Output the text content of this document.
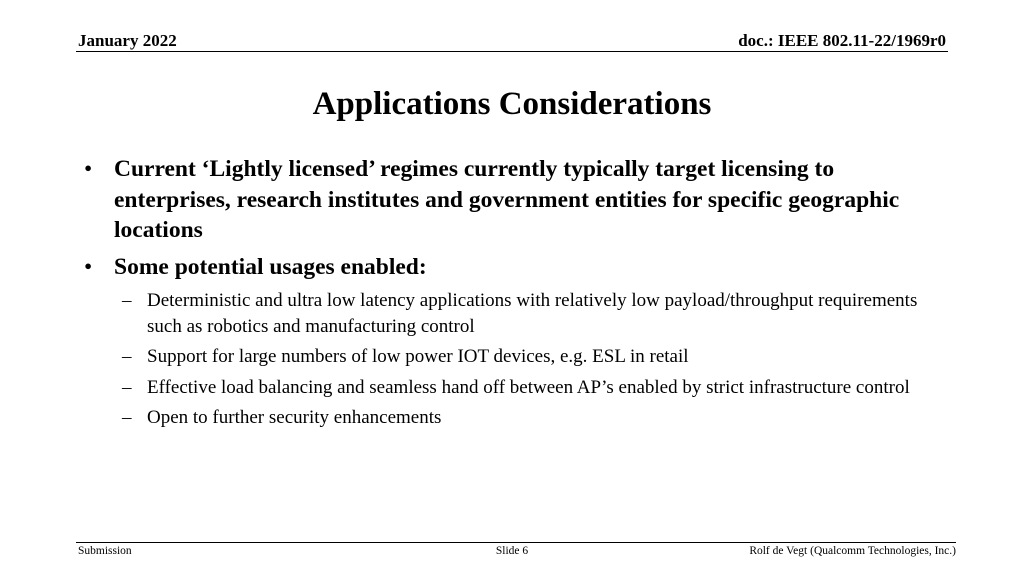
January 2022	doc.: IEEE 802.11-22/1969r0
Applications Considerations
• Current ‘Lightly licensed’ regimes currently typically target licensing to enterprises, research institutes and government entities for specific geographic locations
• Some potential usages enabled:
– Deterministic and ultra low latency applications with relatively low payload/throughput requirements such as robotics and manufacturing control
– Support for large numbers of low power IOT devices, e.g. ESL in retail
– Effective load balancing and seamless hand off between AP’s enabled by strict infrastructure control
– Open to further security enhancements
Submission	Slide 6	Rolf de Vegt (Qualcomm Technologies, Inc.)
